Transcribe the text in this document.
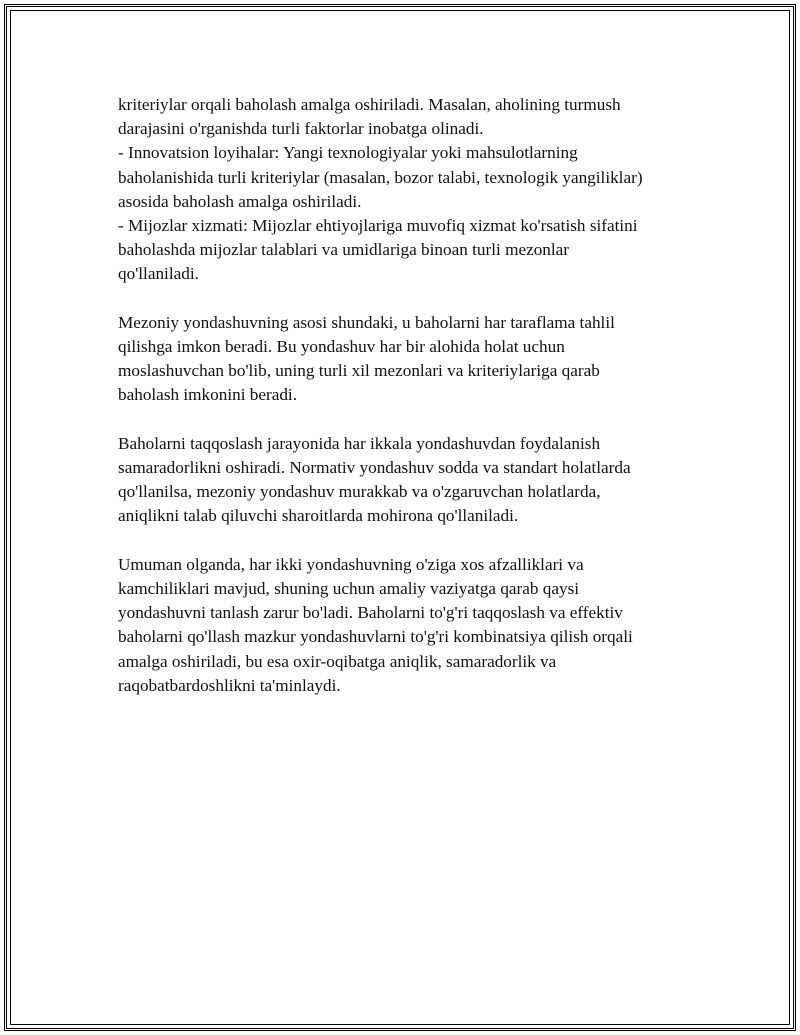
kriteriylar orqali baholash amalga oshiriladi. Masalan, aholining turmush
darajasini o'rganishda turli faktorlar inobatga olinadi.
- Innovatsion loyihalar: Yangi texnologiyalar yoki mahsulotlarning
baholanishida turli kriteriylar (masalan, bozor talabi, texnologik yangiliklar)
asosida baholash amalga oshiriladi.
- Mijozlar xizmati: Mijozlar ehtiyojlariga muvofiq xizmat ko'rsatish sifatini
baholashda mijozlar talablari va umidlariga binoan turli mezonlar
qo'llaniladi.

Mezoniy yondashuvning asosi shundaki, u baholarni har taraflama tahlil
qilishga imkon beradi. Bu yondashuv har bir alohida holat uchun
moslashuvchan bo'lib, uning turli xil mezonlari va kriteriylariga qarab
baholash imkonini beradi.

Baholarni taqqoslash jarayonida har ikkala yondashuvdan foydalanish
samaradorlikni oshiradi. Normativ yondashuv sodda va standart holatlarda
qo'llanilsa, mezoniy yondashuv murakkab va o'zgaruvchan holatlarda,
aniqlikni talab qiluvchi sharoitlarda mohirona qo'llaniladi.

Umuman olganda, har ikki yondashuvning o'ziga xos afzalliklari va
kamchiliklari mavjud, shuning uchun amaliy vaziyatga qarab qaysi
yondashuvni tanlash zarur bo'ladi. Baholarni to'g'ri taqqoslash va effektiv
baholarni qo'llash mazkur yondashuvlarni to'g'ri kombinatsiya qilish orqali
amalga oshiriladi, bu esa oxir-oqibatga aniqlik, samaradorlik va
raqobatbardoshlikni ta'minlaydi.
